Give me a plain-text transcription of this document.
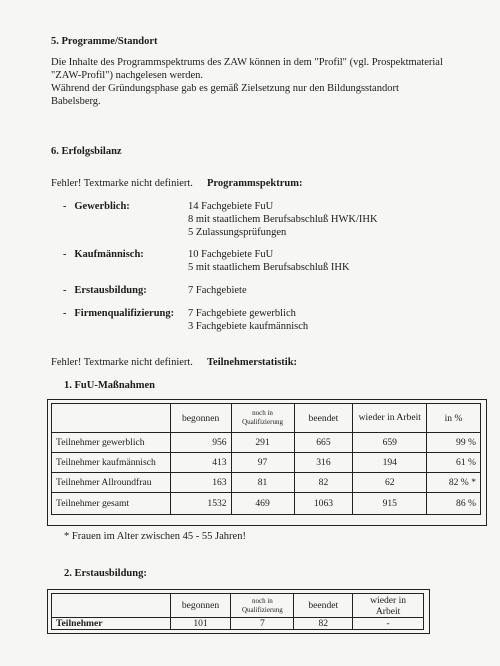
5. Programme/Standort
Die Inhalte des Programmspektrums des ZAW können in dem "Profil" (vgl. Prospektmaterial
"ZAW-Profil") nachgelesen werden.
Während der Gründungsphase gab es gemäß Zielsetzung nur den Bildungsstandort
Babelsberg.
6. Erfolgsbilanz
Fehler! Textmarke nicht definiert. Programmspektrum:
-   Gewerblich:	14 Fachgebiete FuU
8 mit staatlichem Berufsabschluß HWK/IHK
5 Zulassungsprüfungen
-   Kaufmännisch:	10 Fachgebiete FuU
5 mit staatlichem Berufsabschluß IHK
-   Erstausbildung:	7 Fachgebiete
-   Firmenqualifizierung: 7 Fachgebiete gewerblich
3 Fachgebiete kaufmännisch
Fehler! Textmarke nicht definiert. Teilnehmerstatistik:
1. FuU-Maßnahmen
	begonnen	noch in Qualifizierung	beendet	wieder in Arbeit	in %
Teilnehmer gewerblich	956	291	665	659	99 %
Teilnehmer kaufmännisch	413	97	316	194	61 %
Teilnehmer Allroundfrau	163	81	82	62	82 % *
Teilnehmer gesamt	1532	469	1063	915	86 %
* Frauen im Alter zwischen 45 - 55 Jahren!
2. Erstausbildung:
	begonnen	noch in Qualifizierung	beendet	wieder in Arbeit
Teilnehmer	101	7	82	-
